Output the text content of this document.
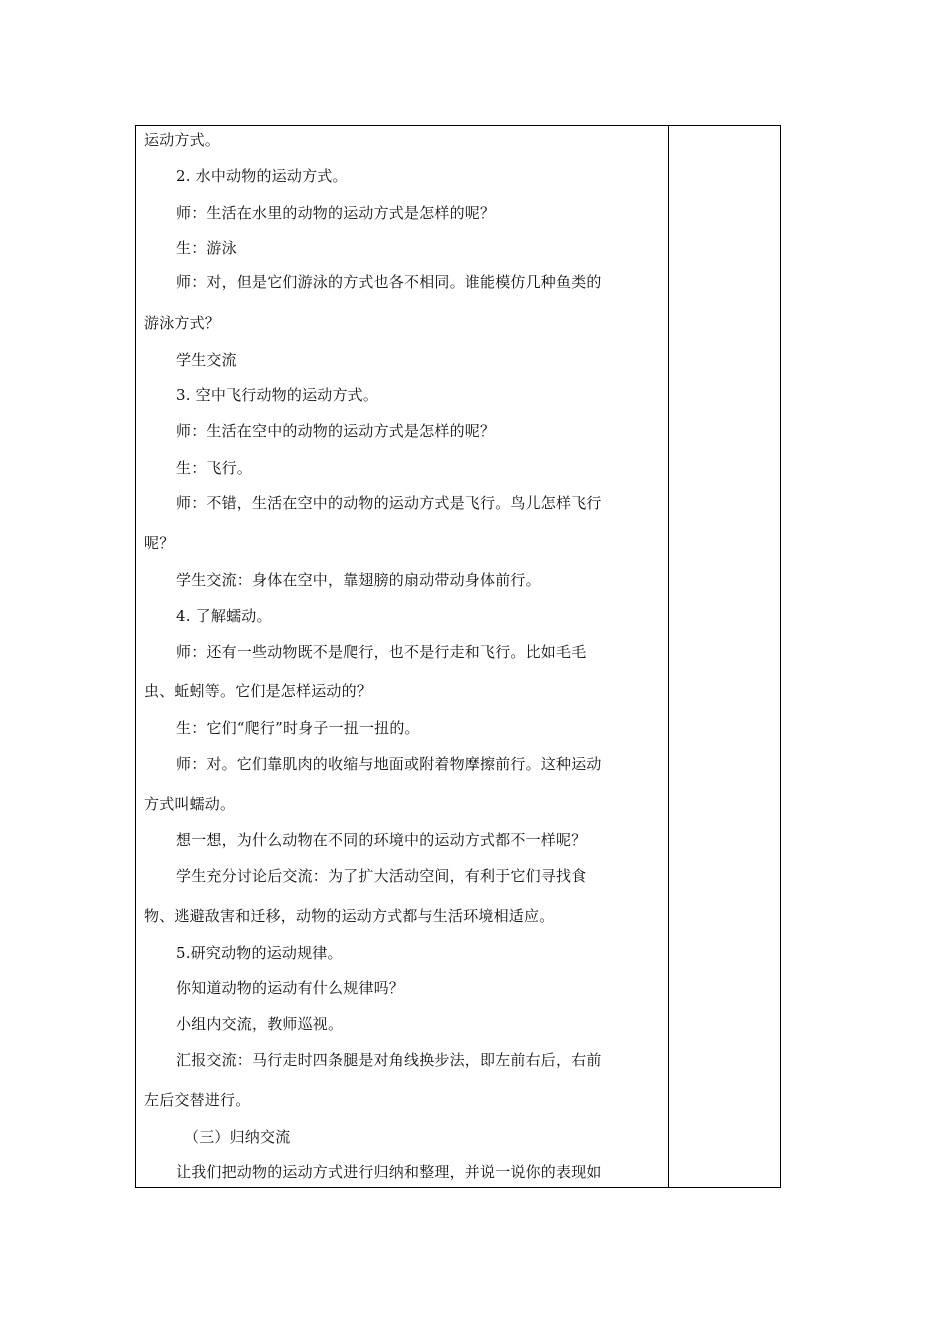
运动方式。
2. 水中动物的运动方式。
师：生活在水里的动物的运动方式是怎样的呢？
生：游泳
师：对，但是它们游泳的方式也各不相同。谁能模仿几种鱼类的
游泳方式？
学生交流
3. 空中飞行动物的运动方式。
师：生活在空中的动物的运动方式是怎样的呢？
生：飞行。
师：不错，生活在空中的动物的运动方式是飞行。鸟儿怎样飞行
呢？
学生交流：身体在空中，靠翅膀的扇动带动身体前行。
4. 了解蠕动。
师：还有一些动物既不是爬行，也不是行走和飞行。比如毛毛
虫、蚯蚓等。它们是怎样运动的？
生：它们“爬行”时身子一扭一扭的。
师：对。它们靠肌肉的收缩与地面或附着物摩擦前行。这种运动
方式叫蠕动。
想一想，为什么动物在不同的环境中的运动方式都不一样呢？
学生充分讨论后交流：为了扩大活动空间，有利于它们寻找食
物、逃避敌害和迁移，动物的运动方式都与生活环境相适应。
5.研究动物的运动规律。
你知道动物的运动有什么规律吗？
小组内交流，教师巡视。
汇报交流：马行走时四条腿是对角线换步法，即左前右后，右前
左后交替进行。
（三）归纳交流
让我们把动物的运动方式进行归纳和整理，并说一说你的表现如
